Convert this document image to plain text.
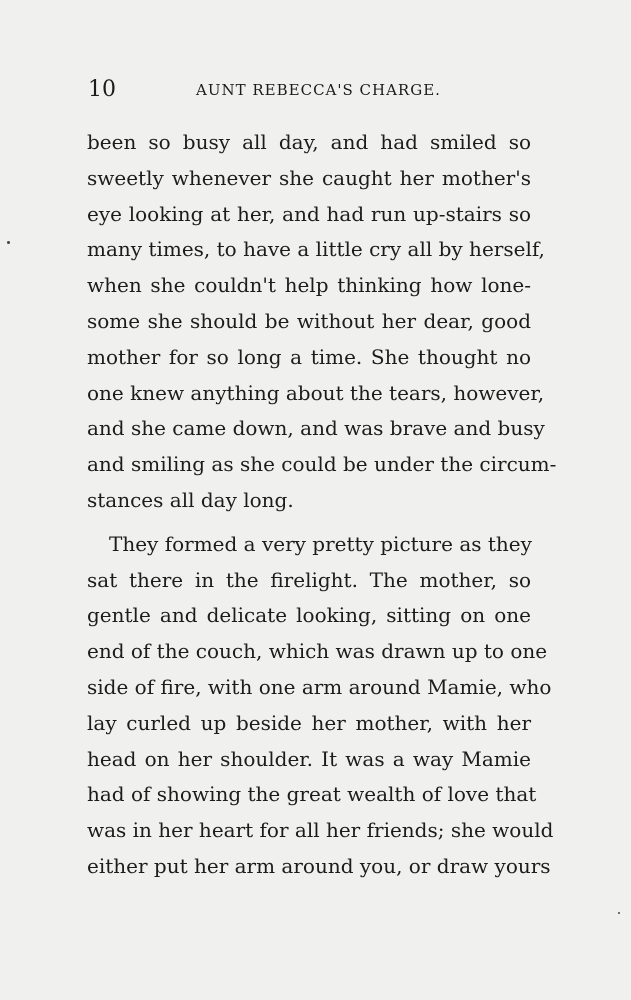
10	AUNT REBECCA'S CHARGE.
been so busy all day, and had smiled so
sweetly whenever she caught her mother's
eye looking at her, and had run up-stairs so
many times, to have a little cry all by herself,
when she couldn't help thinking how lone-
some she should be without her dear, good
mother for so long a time. She thought no
one knew anything about the tears, however,
and she came down, and was brave and busy
and smiling as she could be under the circum-
stances all day long.
They formed a very pretty picture as they
sat there in the firelight. The mother, so
gentle and delicate looking, sitting on one
end of the couch, which was drawn up to one
side of fire, with one arm around Mamie, who
lay curled up beside her mother, with her
head on her shoulder. It was a way Mamie
had of showing the great wealth of love that
was in her heart for all her friends; she would
either put her arm around you, or draw yours
